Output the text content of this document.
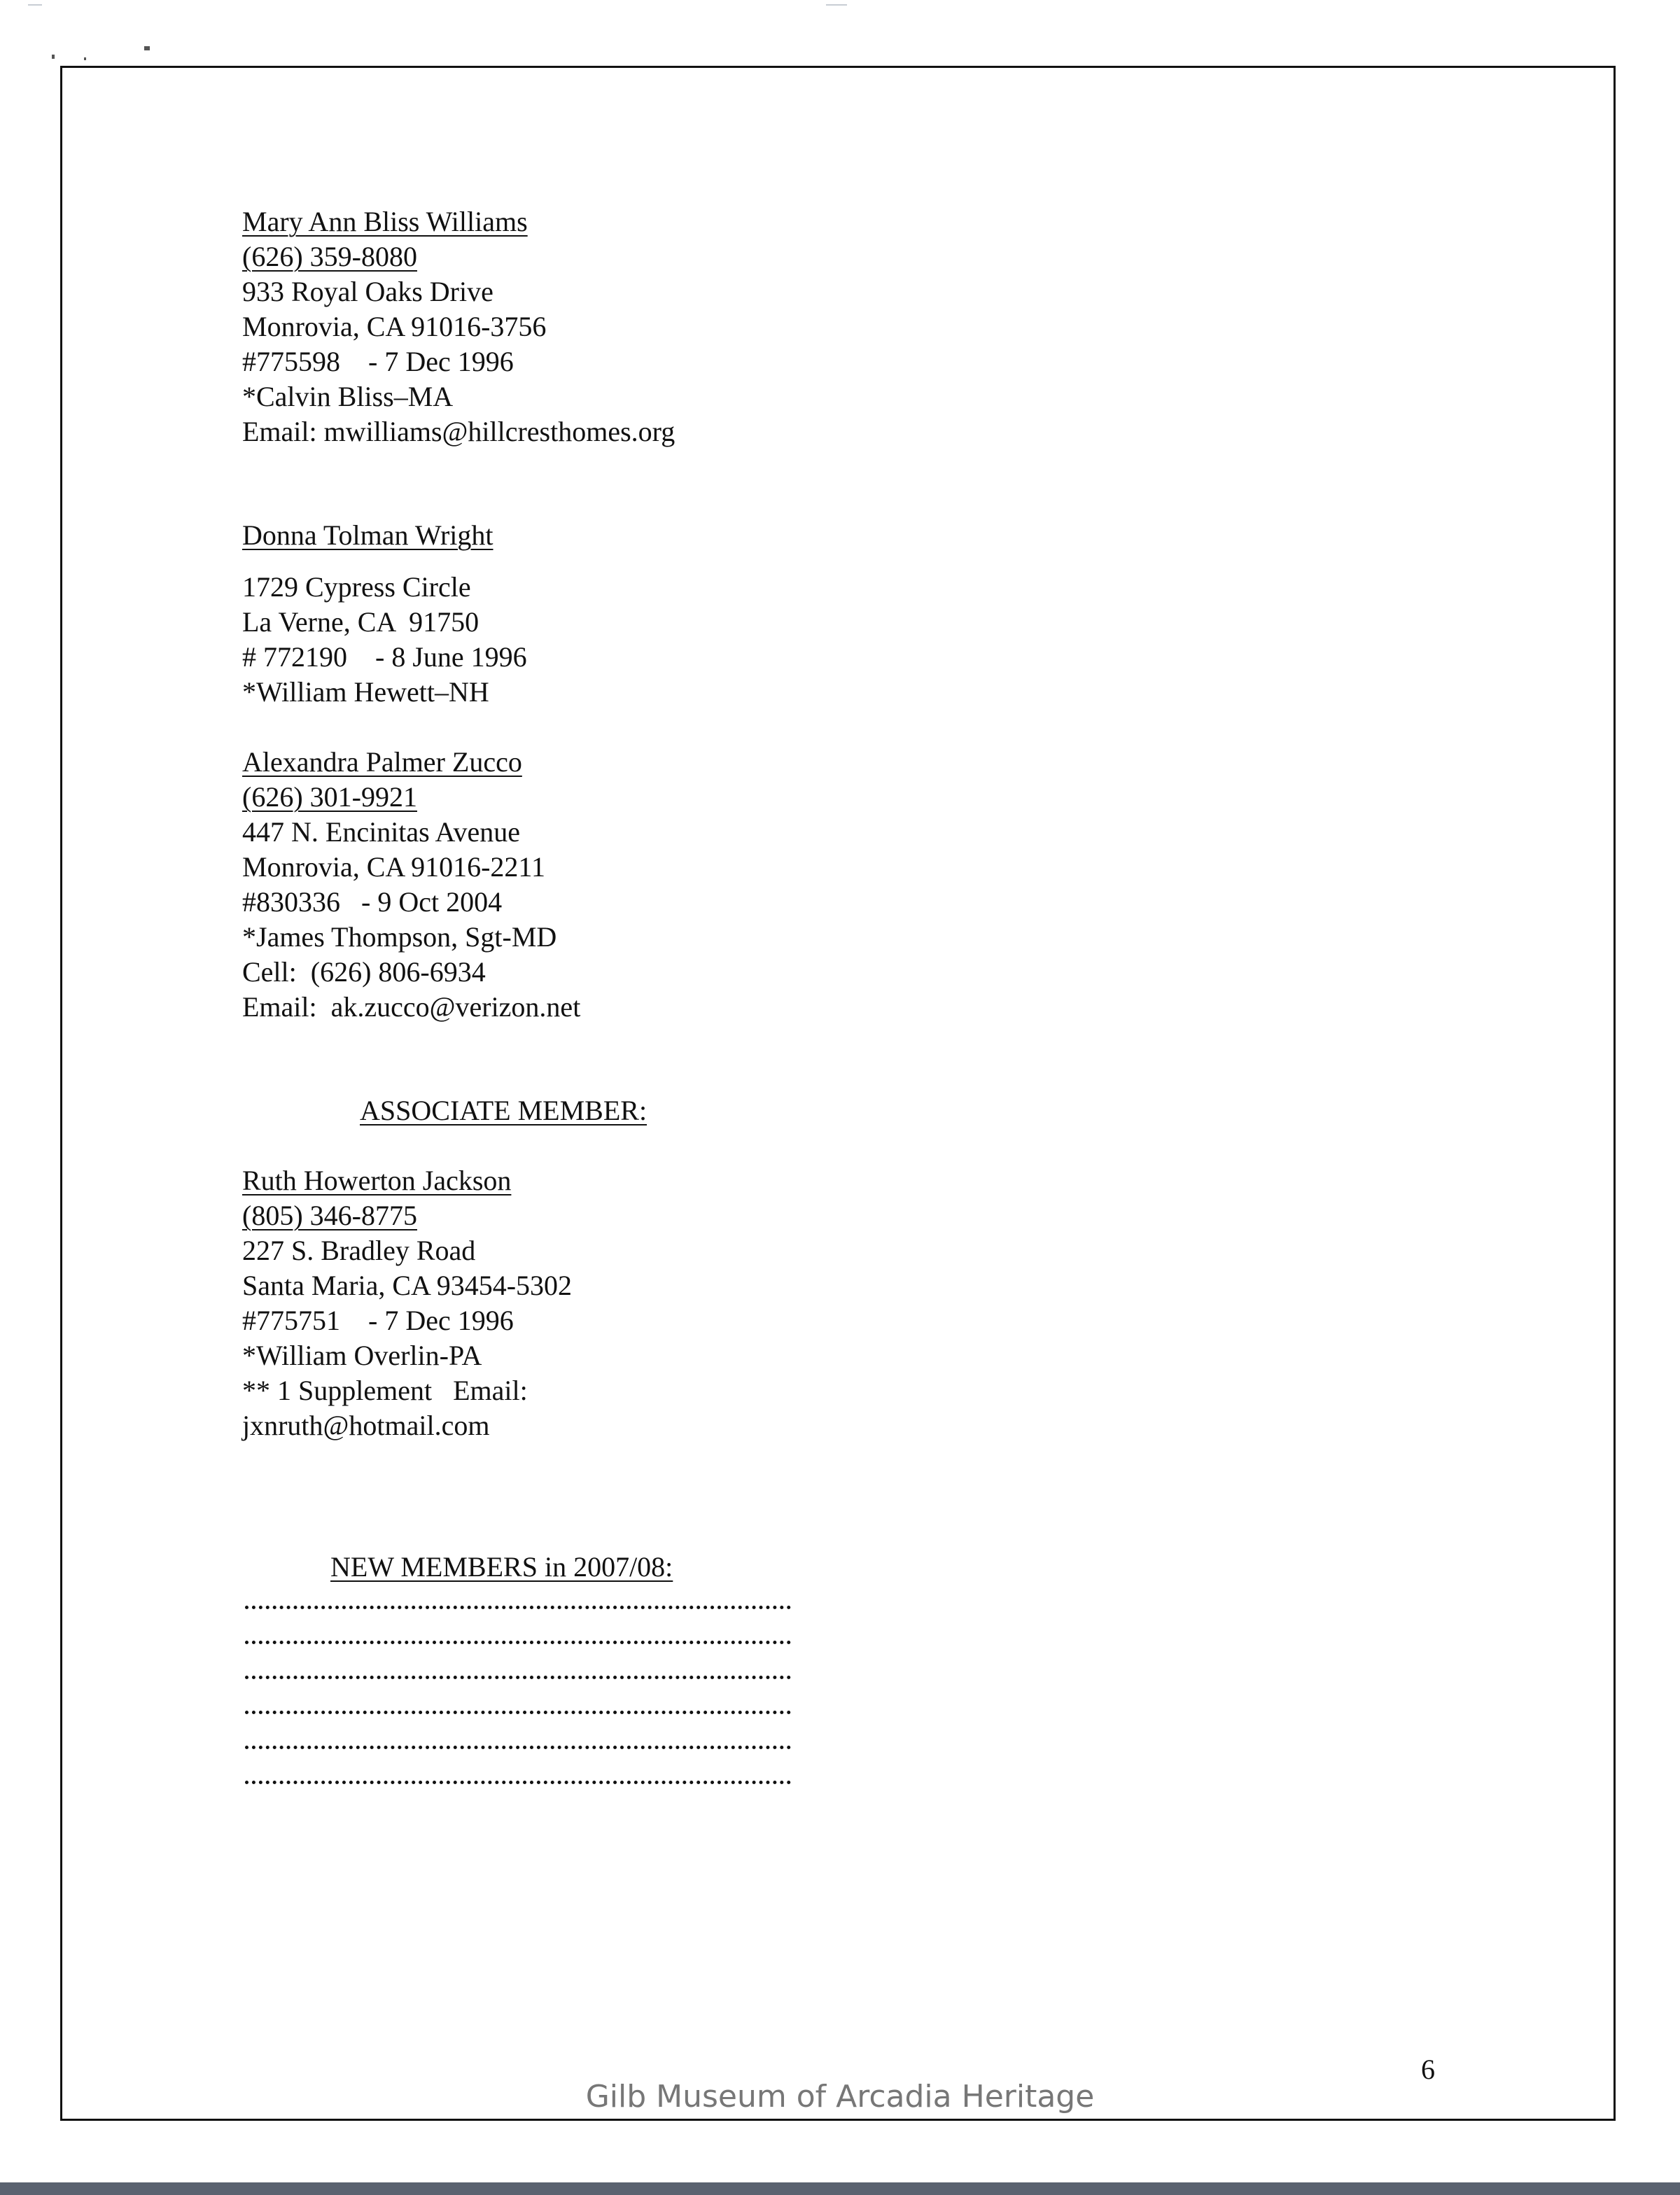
Mary Ann Bliss Williams
(626) 359-8080
933 Royal Oaks Drive
Monrovia, CA 91016-3756
#775598    - 7 Dec 1996
*Calvin Bliss–MA
Email: mwilliams@hillcresthomes.org
Donna Tolman Wright
1729 Cypress Circle
La Verne, CA  91750
# 772190    - 8 June 1996
*William Hewett–NH
Alexandra Palmer Zucco
(626) 301-9921
447 N. Encinitas Avenue
Monrovia, CA 91016-2211
#830336   - 9 Oct 2004
*James Thompson, Sgt-MD
Cell:  (626) 806-6934
Email:  ak.zucco@verizon.net
ASSOCIATE MEMBER:
Ruth Howerton Jackson
(805) 346-8775
227 S. Bradley Road
Santa Maria, CA 93454-5302
#775751    - 7 Dec 1996
*William Overlin-PA
** 1 Supplement   Email:
jxnruth@hotmail.com
NEW MEMBERS in 2007/08:
6
Gilb Museum of Arcadia Heritage
